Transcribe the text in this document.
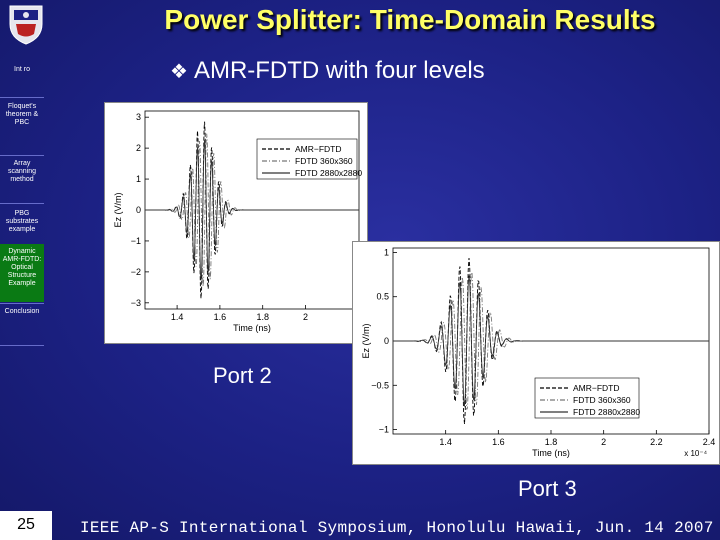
Power Splitter: Time-Domain Results
Int ro
Floquet's theorem & PBC
Array scanning method
PBG substrates example
Dynamic AMR-FDTD: Optical Structure Example
Conclusion
❖ AMR-FDTD with four levels
1.4	1.6	1.8	2
3
2
1
0
−1
−2
−3
Time (ns)
Ez (V/m)
AMR−FDTD
FDTD 360x360
FDTD 2880x2880
1.4	1.6	1.8	2	2.2	2.4
1
0.5
0
−0.5
−1
Time (ns)
Ez (V/m)
x 10⁻⁴
AMR−FDTD
FDTD 360x360
FDTD 2880x2880
Port 2
Port 3
25	IEEE AP-S International Symposium, Honolulu Hawaii, Jun. 14 2007
